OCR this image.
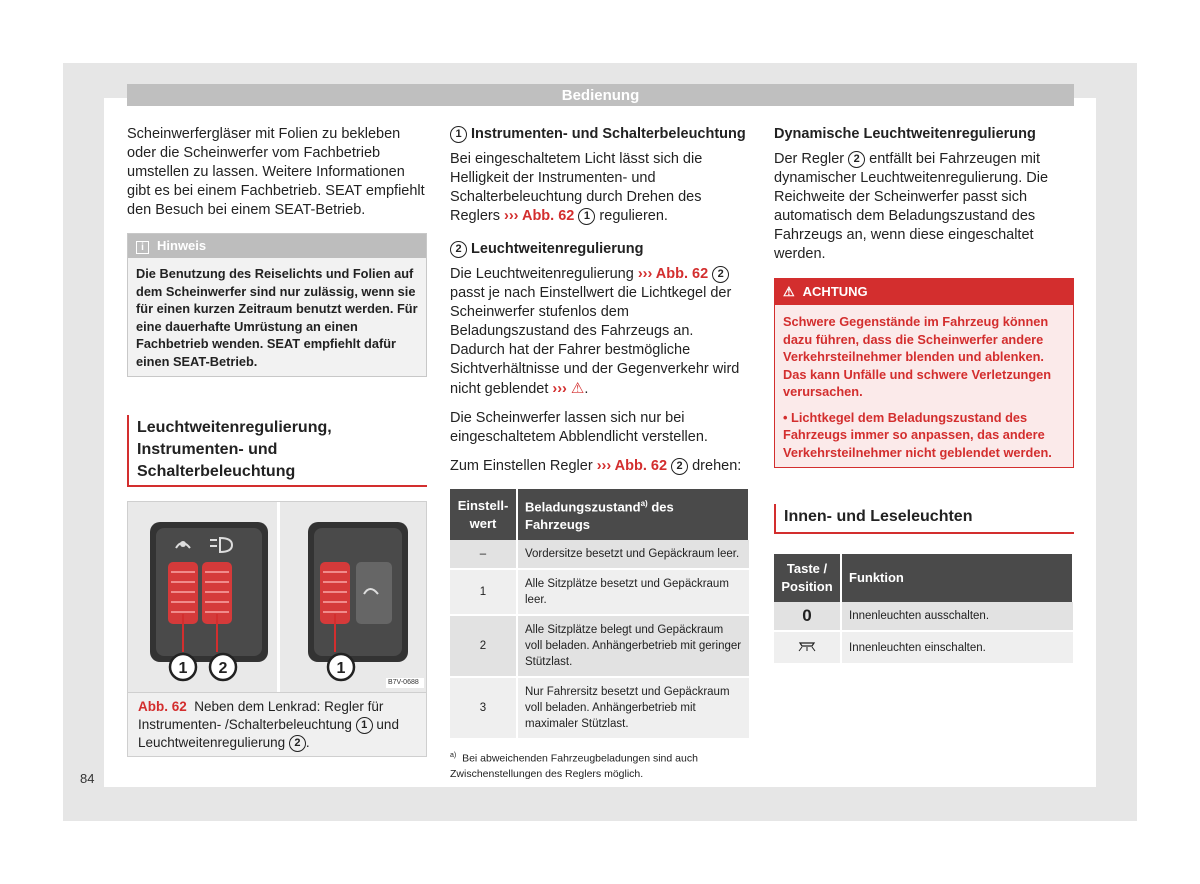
Bedienung

Scheinwerfergläser mit Folien zu bekleben oder die Scheinwerfer vom Fachbetrieb umstellen zu lassen. Weitere Informationen gibt es bei einem Fachbetrieb. SEAT empfiehlt den Besuch bei einem SEAT-Betrieb.

i Hinweis
Die Benutzung des Reiselichts und Folien auf dem Scheinwerfer sind nur zulässig, wenn sie für einen kurzen Zeitraum benutzt werden. Für eine dauerhafte Umrüstung an einen Fachbetrieb wenden. SEAT empfiehlt dafür einen SEAT-Betrieb.
Leuchtweitenregulierung, Instrumenten- und Schalterbeleuchtung
1 2	1
B7V-0688
Abb. 62 Neben dem Lenkrad: Regler für Instrumenten- /Schalterbeleuchtung 1 und Leuchtweitenregulierung 2 .
1 Instrumenten- und Schalterbeleuchtung

Bei eingeschaltetem Licht lässt sich die Helligkeit der Instrumenten- und Schalterbeleuchtung durch Drehen des Reglers ››› Abb. 62 1 regulieren.

2 Leuchtweitenregulierung

Die Leuchtweitenregulierung ››› Abb. 62 2 passt je nach Einstellwert die Lichtkegel der Scheinwerfer stufenlos dem Beladungszustand des Fahrzeugs an. Dadurch hat der Fahrer bestmögliche Sichtverhältnisse und der Gegenverkehr wird nicht geblendet ››› ⚠.

Die Scheinwerfer lassen sich nur bei eingeschaltetem Abblendlicht verstellen.

Zum Einstellen Regler ››› Abb. 62 2 drehen:

Einstell-wert	Beladungszustand$^{a)}$ des Fahrzeugs
–	Vordersitze besetzt und Gepäckraum leer.
1	Alle Sitzplätze besetzt und Gepäckraum leer.
2	Alle Sitzplätze belegt und Gepäckraum voll beladen. Anhängerbetrieb mit geringer Stützlast.
3	Nur Fahrersitz besetzt und Gepäckraum voll beladen. Anhängerbetrieb mit maximaler Stützlast.

$^{a)}$ Bei abweichenden Fahrzeugbeladungen sind auch Zwischenstellungen des Reglers möglich.

Dynamische Leuchtweitenregulierung

Der Regler 2 entfällt bei Fahrzeugen mit dynamischer Leuchtweitenregulierung. Die Reichweite der Scheinwerfer passt sich automatisch dem Beladungszustand des Fahrzeugs an, wenn diese eingeschaltet werden.

⚠ ACHTUNG
Schwere Gegenstände im Fahrzeug können dazu führen, dass die Scheinwerfer andere Verkehrsteilnehmer blenden und ablenken. Das kann Unfälle und schwere Verletzungen verursachen.
• Lichtkegel dem Beladungszustand des Fahrzeugs immer so anpassen, das andere Verkehrsteilnehmer nicht geblendet werden.
Innen- und Leseleuchten
Taste / Position	Funktion
0	Innenleuchten ausschalten.
	Innenleuchten einschalten.
84
